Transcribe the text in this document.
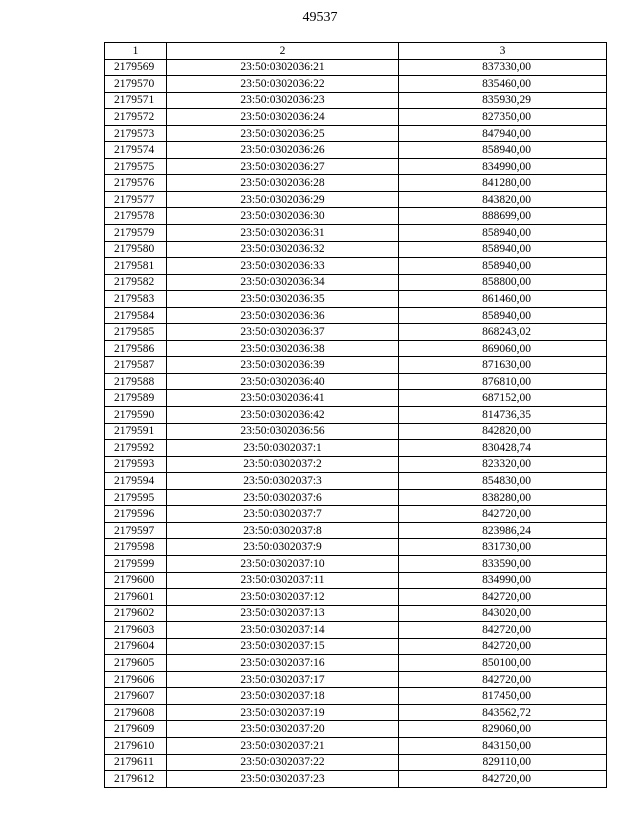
49537
1	2	3
2179569	23:50:0302036:21	837330,00
2179570	23:50:0302036:22	835460,00
2179571	23:50:0302036:23	835930,29
2179572	23:50:0302036:24	827350,00
2179573	23:50:0302036:25	847940,00
2179574	23:50:0302036:26	858940,00
2179575	23:50:0302036:27	834990,00
2179576	23:50:0302036:28	841280,00
2179577	23:50:0302036:29	843820,00
2179578	23:50:0302036:30	888699,00
2179579	23:50:0302036:31	858940,00
2179580	23:50:0302036:32	858940,00
2179581	23:50:0302036:33	858940,00
2179582	23:50:0302036:34	858800,00
2179583	23:50:0302036:35	861460,00
2179584	23:50:0302036:36	858940,00
2179585	23:50:0302036:37	868243,02
2179586	23:50:0302036:38	869060,00
2179587	23:50:0302036:39	871630,00
2179588	23:50:0302036:40	876810,00
2179589	23:50:0302036:41	687152,00
2179590	23:50:0302036:42	814736,35
2179591	23:50:0302036:56	842820,00
2179592	23:50:0302037:1	830428,74
2179593	23:50:0302037:2	823320,00
2179594	23:50:0302037:3	854830,00
2179595	23:50:0302037:6	838280,00
2179596	23:50:0302037:7	842720,00
2179597	23:50:0302037:8	823986,24
2179598	23:50:0302037:9	831730,00
2179599	23:50:0302037:10	833590,00
2179600	23:50:0302037:11	834990,00
2179601	23:50:0302037:12	842720,00
2179602	23:50:0302037:13	843020,00
2179603	23:50:0302037:14	842720,00
2179604	23:50:0302037:15	842720,00
2179605	23:50:0302037:16	850100,00
2179606	23:50:0302037:17	842720,00
2179607	23:50:0302037:18	817450,00
2179608	23:50:0302037:19	843562,72
2179609	23:50:0302037:20	829060,00
2179610	23:50:0302037:21	843150,00
2179611	23:50:0302037:22	829110,00
2179612	23:50:0302037:23	842720,00
